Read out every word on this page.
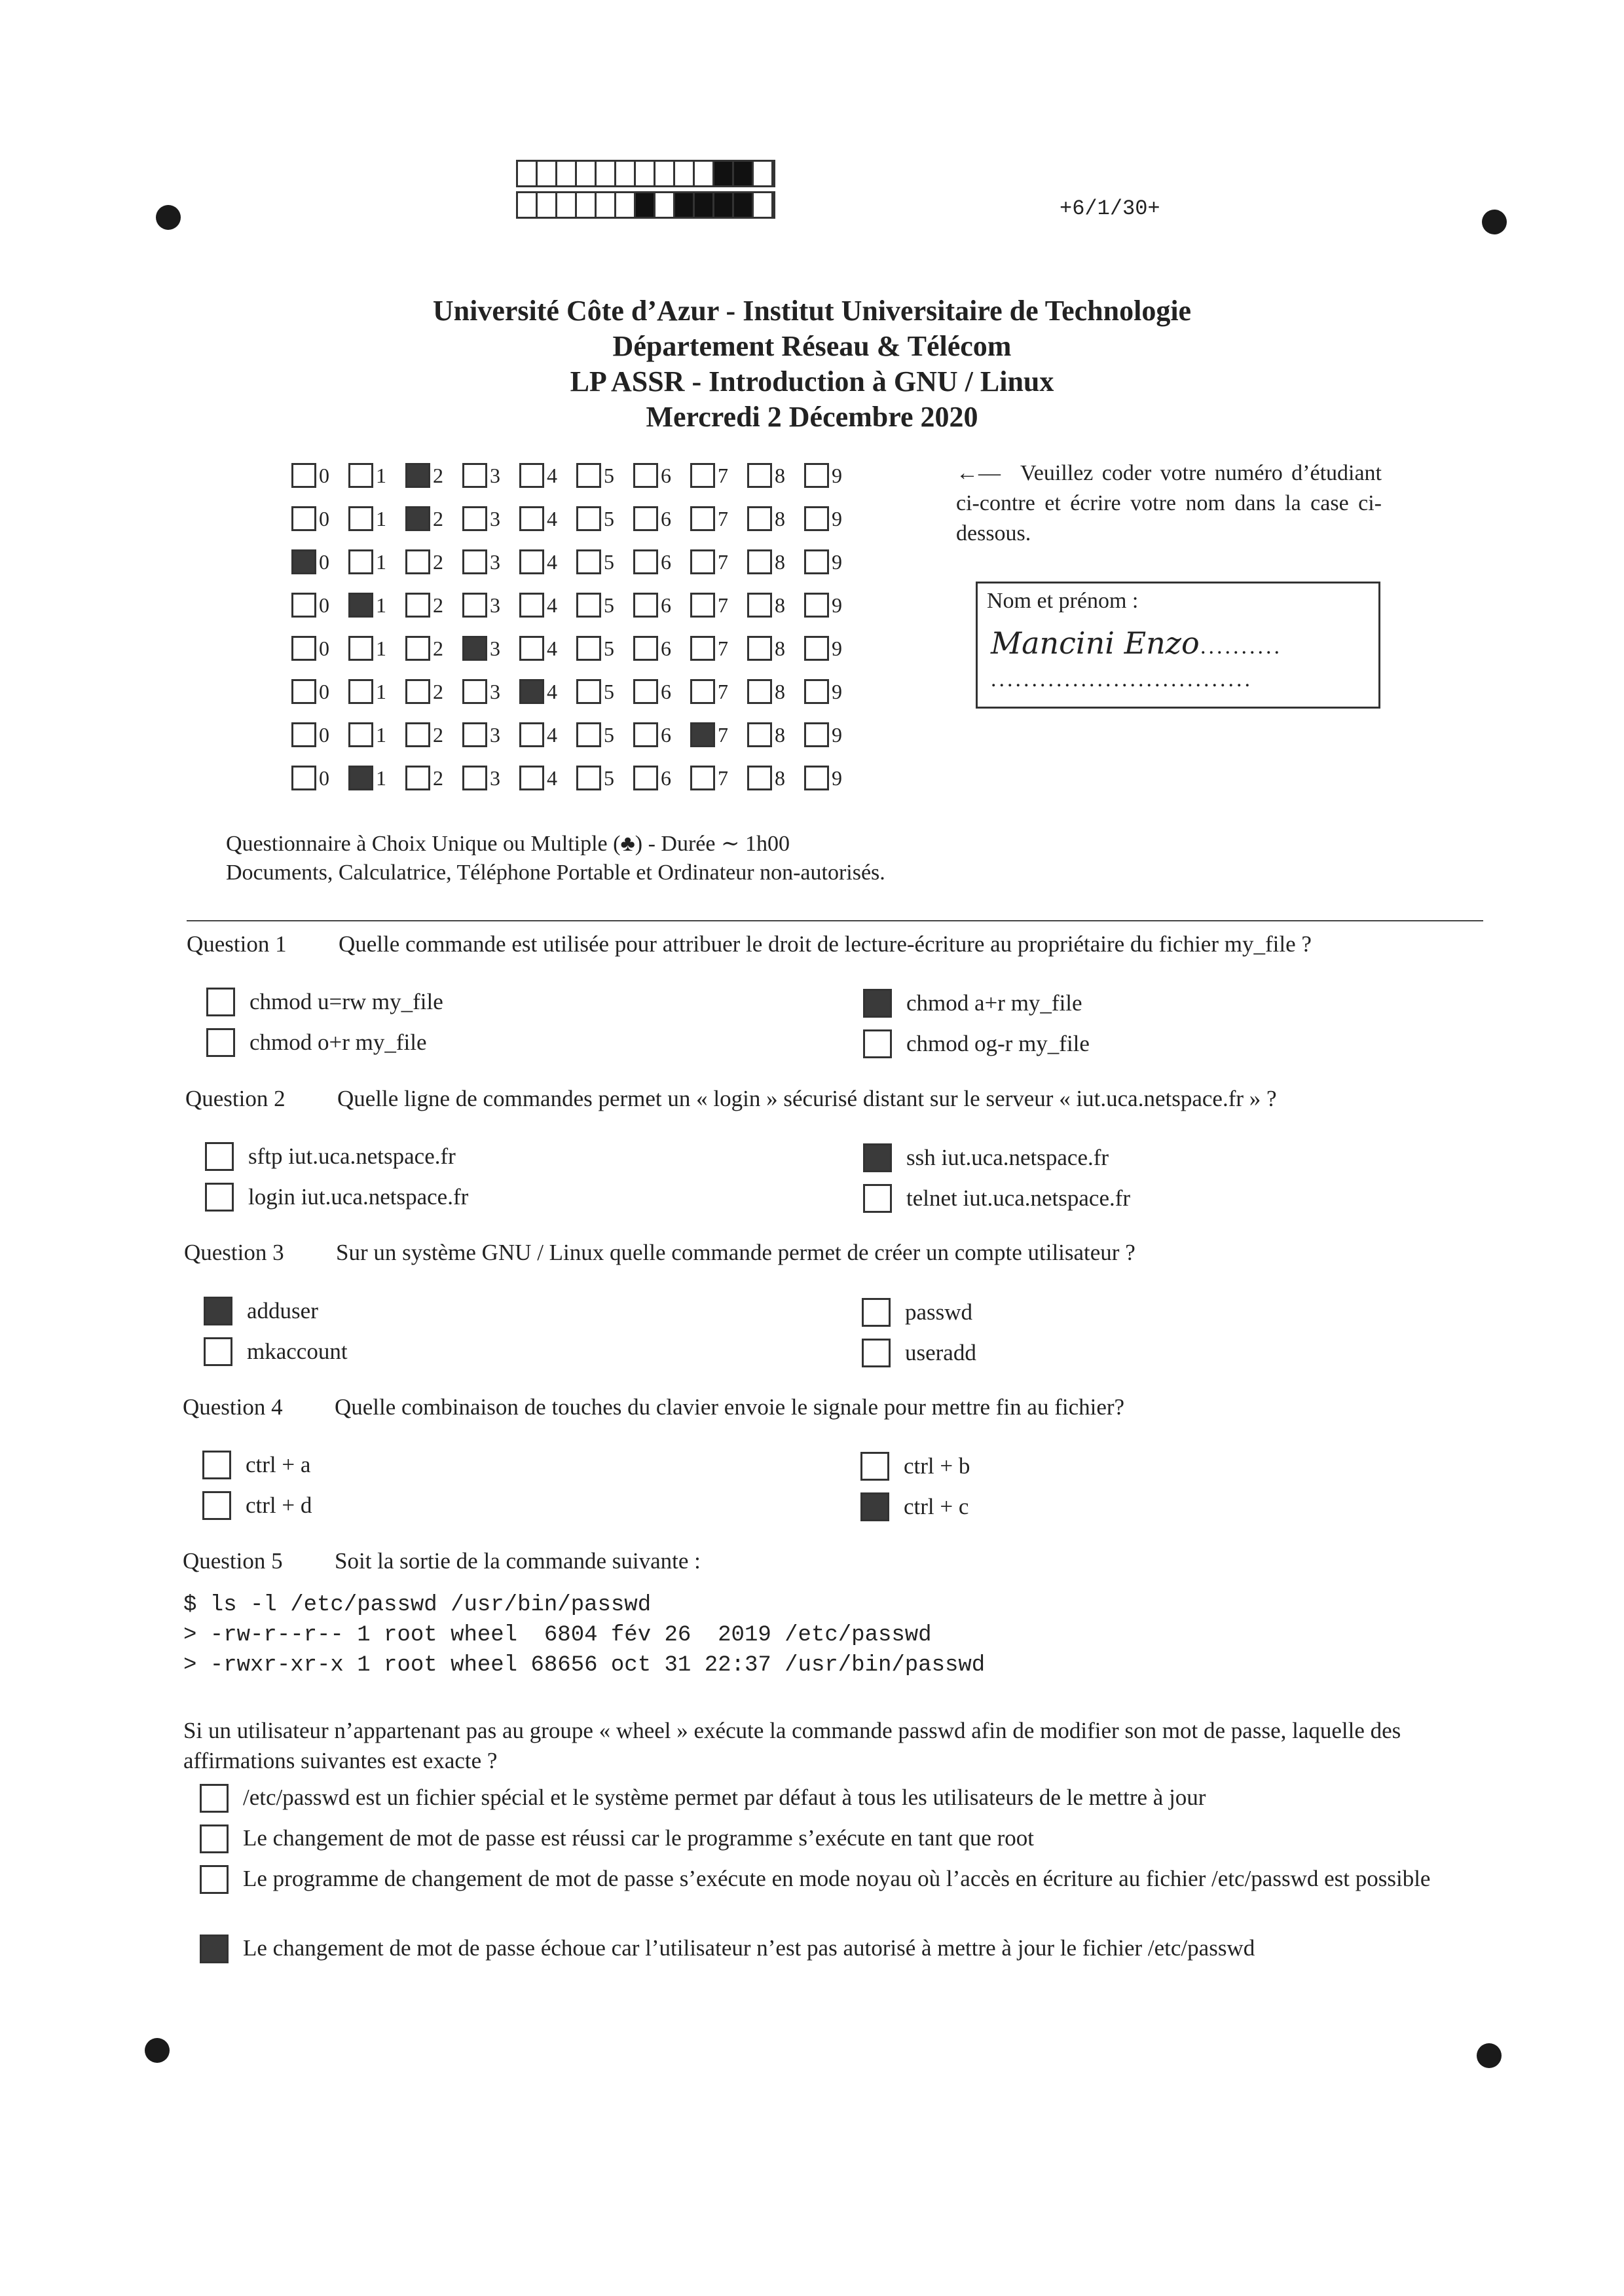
+6/1/30+
Université Côte d’Azur - Institut Universitaire de Technologie
Département Réseau & Télécom
LP ASSR - Introduction à GNU / Linux
Mercredi 2 Décembre 2020
0 1 2 3 4 5 6 7 8 9
0 1 2 3 4 5 6 7 8 9
0 1 2 3 4 5 6 7 8 9
0 1 2 3 4 5 6 7 8 9
0 1 2 3 4 5 6 7 8 9
0 1 2 3 4 5 6 7 8 9
0 1 2 3 4 5 6 7 8 9
0 1 2 3 4 5 6 7 8 9
←— Veuillez coder votre numéro d’étudiant ci-contre et écrire votre nom dans la case ci-dessous.
Nom et prénom :
Mancini Enzo ..........
................................
Questionnaire à Choix Unique ou Multiple (♣) - Durée ∼ 1h00
Documents, Calculatrice, Téléphone Portable et Ordinateur non-autorisés.
Question 1 Quelle commande est utilisée pour attribuer le droit de lecture-écriture au propriétaire du fichier my_file ?
chmod u=rw my_file
chmod o+r my_file
chmod a+r my_file
chmod og-r my_file
Question 2 Quelle ligne de commandes permet un « login » sécurisé distant sur le serveur « iut.uca.netspace.fr » ?
sftp iut.uca.netspace.fr
login iut.uca.netspace.fr
ssh iut.uca.netspace.fr
telnet iut.uca.netspace.fr
Question 3 Sur un système GNU / Linux quelle commande permet de créer un compte utilisateur ?
adduser
mkaccount
passwd
useradd
Question 4 Quelle combinaison de touches du clavier envoie le signale pour mettre fin au fichier?
ctrl + a
ctrl + d
ctrl + b
ctrl + c
Question 5 Soit la sortie de la commande suivante :
$ ls -l /etc/passwd /usr/bin/passwd
> -rw-r--r-- 1 root wheel  6804 fév 26  2019 /etc/passwd
> -rwxr-xr-x 1 root wheel 68656 oct 31 22:37 /usr/bin/passwd
Si un utilisateur n’appartenant pas au groupe « wheel » exécute la commande passwd afin de modifier son mot de passe, laquelle des affirmations suivantes est exacte ?
/etc/passwd est un fichier spécial et le système permet par défaut à tous les utilisateurs de le mettre à jour
Le changement de mot de passe est réussi car le programme s’exécute en tant que root
Le programme de changement de mot de passe s’exécute en mode noyau où l’accès en écriture au fichier /etc/passwd est possible
Le changement de mot de passe échoue car l’utilisateur n’est pas autorisé à mettre à jour le fichier /etc/passwd
